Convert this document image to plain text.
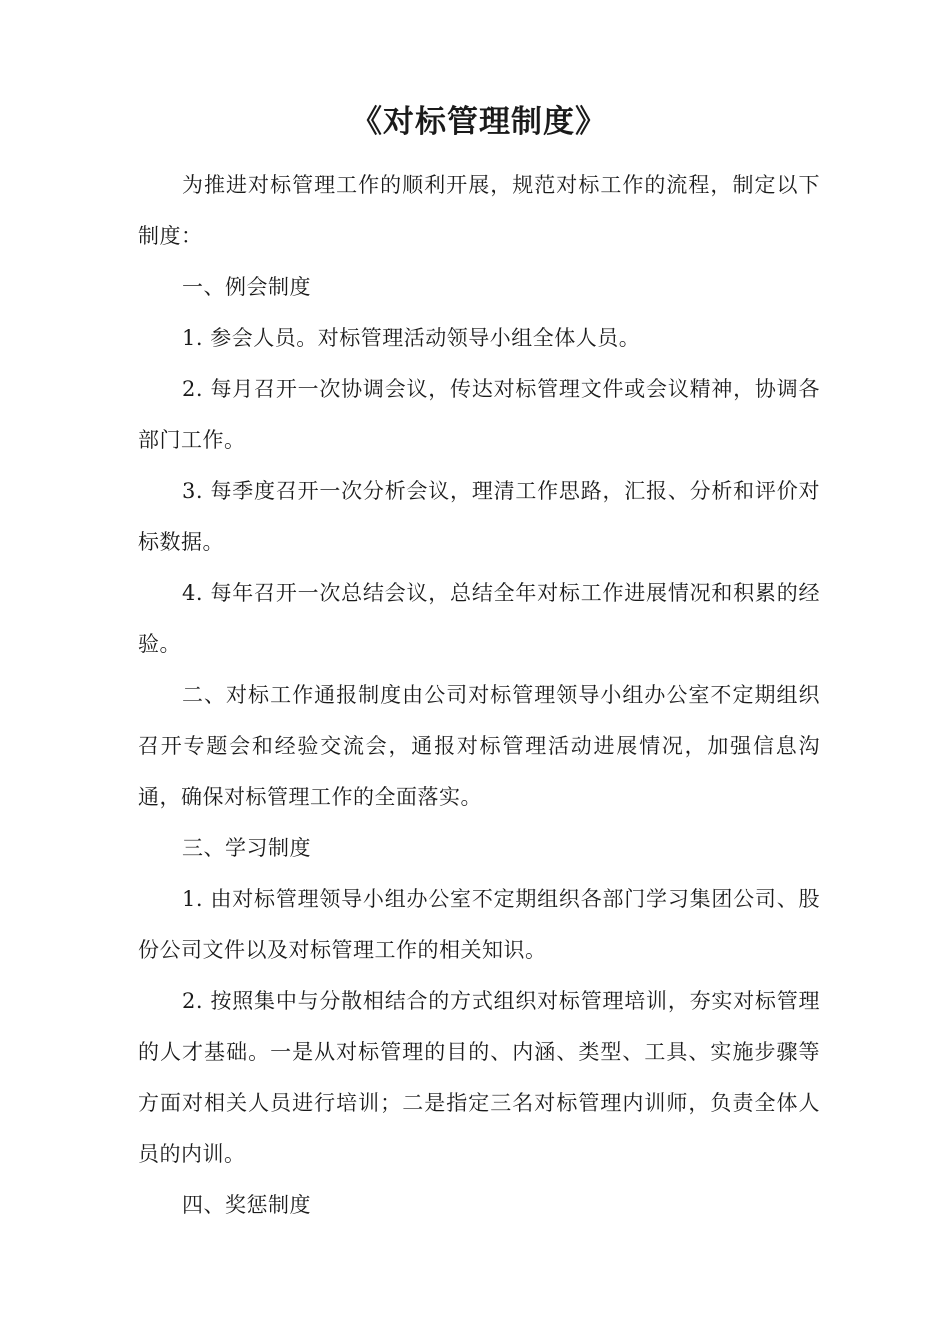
《对标管理制度》

为推进对标管理工作的顺利开展，规范对标工作的流程，制定以下制度：

一、例会制度

1. 参会人员。对标管理活动领导小组全体人员。

2. 每月召开一次协调会议，传达对标管理文件或会议精神，协调各部门工作。

3. 每季度召开一次分析会议，理清工作思路，汇报、分析和评价对标数据。

4. 每年召开一次总结会议，总结全年对标工作进展情况和积累的经验。

二、对标工作通报制度由公司对标管理领导小组办公室不定期组织召开专题会和经验交流会，通报对标管理活动进展情况，加强信息沟通，确保对标管理工作的全面落实。

三、学习制度

1. 由对标管理领导小组办公室不定期组织各部门学习集团公司、股份公司文件以及对标管理工作的相关知识。

2. 按照集中与分散相结合的方式组织对标管理培训，夯实对标管理的人才基础。一是从对标管理的目的、内涵、类型、工具、实施步骤等方面对相关人员进行培训；二是指定三名对标管理内训师，负责全体人员的内训。

四、奖惩制度
